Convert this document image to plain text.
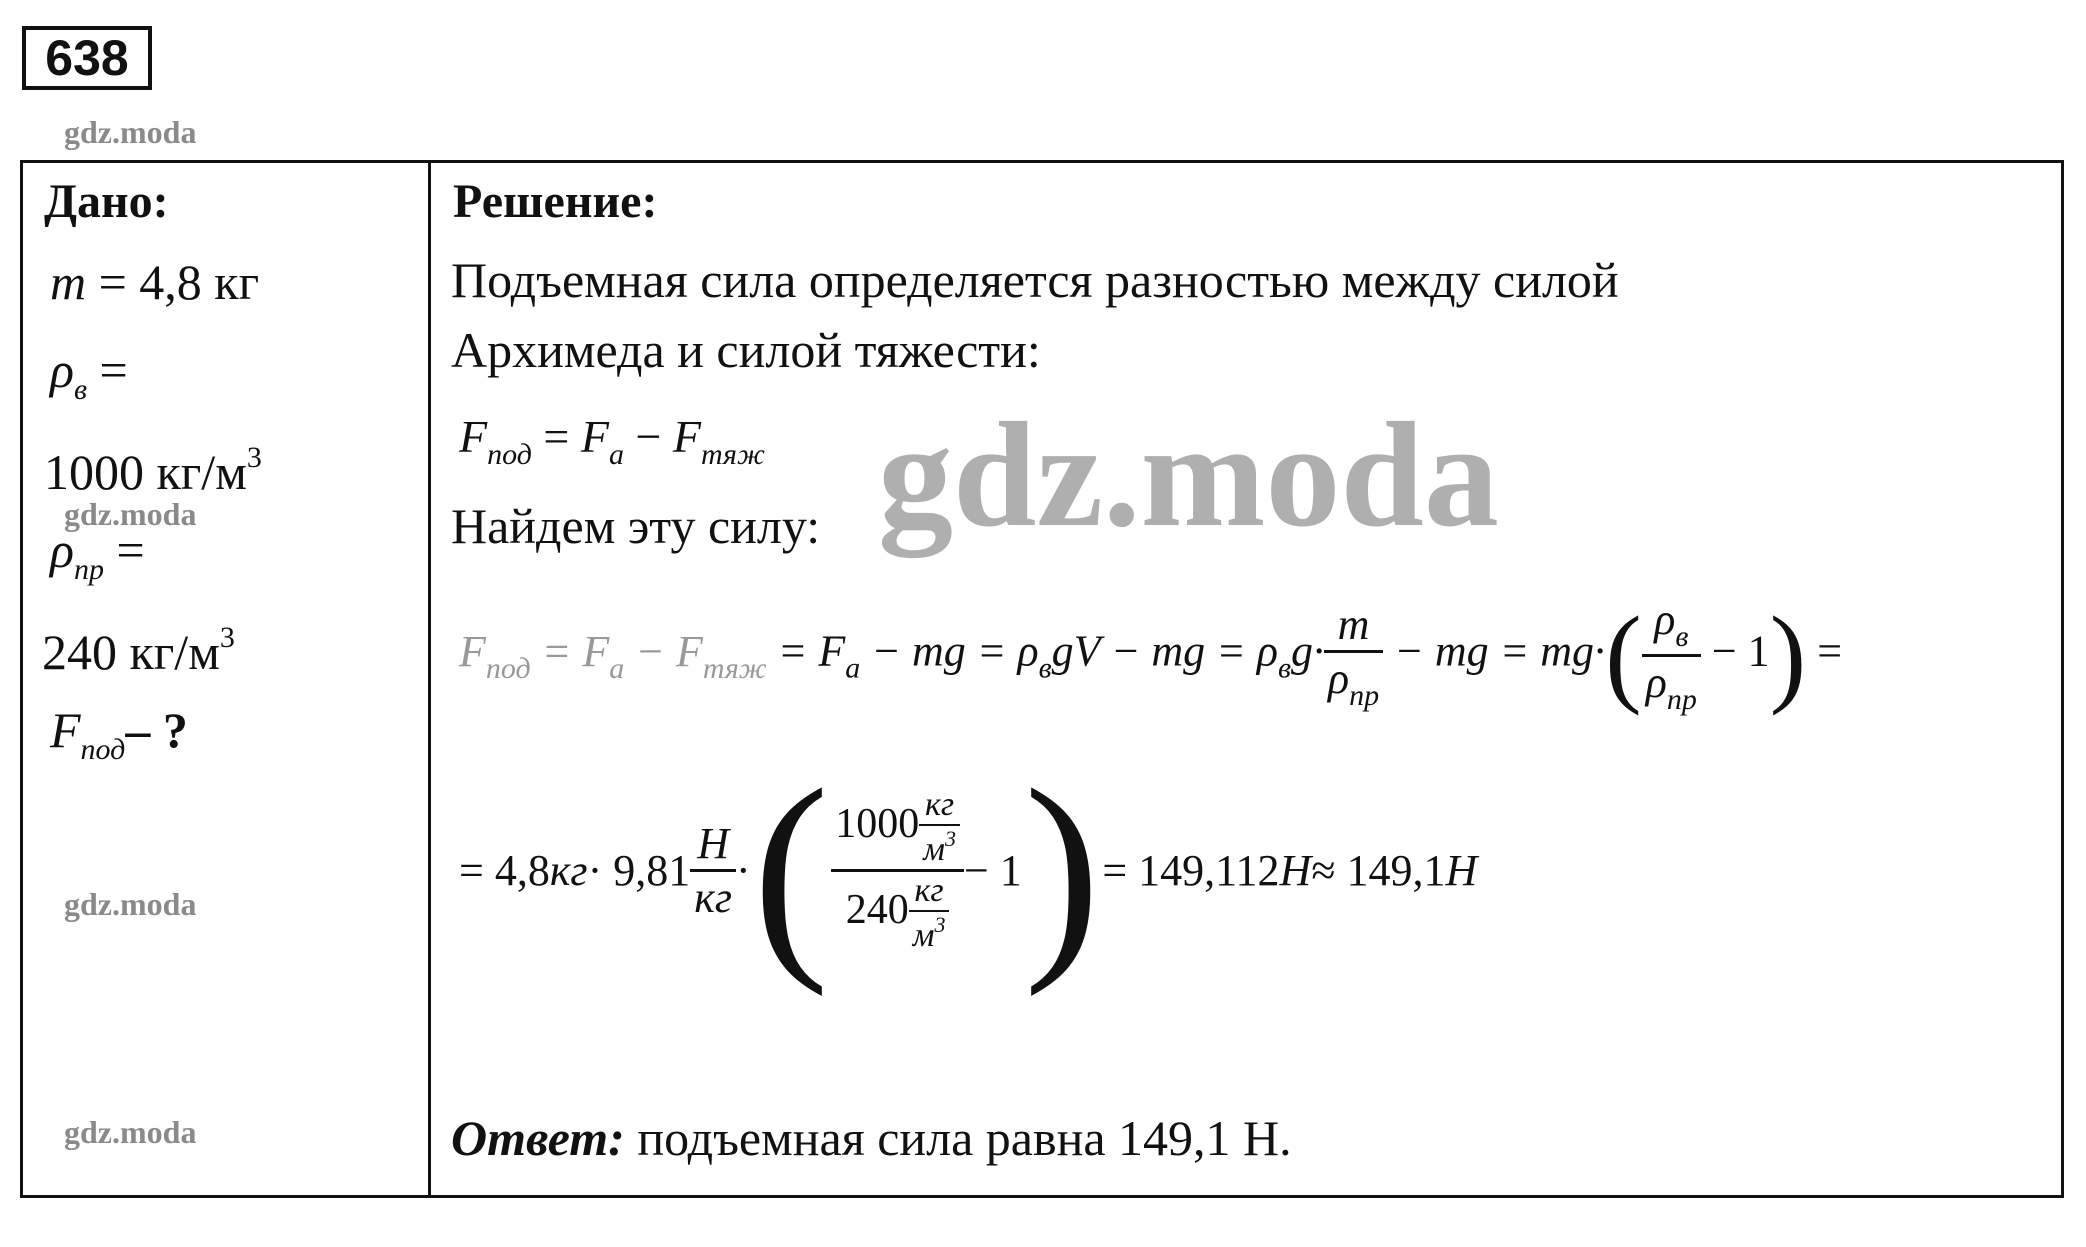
638
gdz.moda
gdz.moda
gdz.moda
gdz.moda
Дано:
m = 4,8 кг
$\rho_в$ =
1000 $кг/м^3$
$\rho_{пр}$ =
240 $кг/м^3$
$F_{под}-$ ?
Решение:
Подъемная сила определяется разностью между силой
Архимеда и силой тяжести:
$F_{под} = F_а - F_{тяж}$
Найдем эту силу:
$F_{под} = F_а - F_{тяж} = F_а$ − mg = $\rho_вgV$ − mg = $\rho_вg\cdot \frac{m}{\rho_{пр}}$ − mg = $mg\cdot( \frac{\rho_в}{\rho_{пр}} - 1)$ =
= 4,8 кг · $9,81 \frac{Н}{кг}$ · ( $\frac{1000 \frac{кг}{м^3}}{240 \frac{кг}{м^3}} - 1$ ) = 149,112 Н ≈ 149,1 Н
Ответ: подъемная сила равна 149,1 Н.
gdz.moda
